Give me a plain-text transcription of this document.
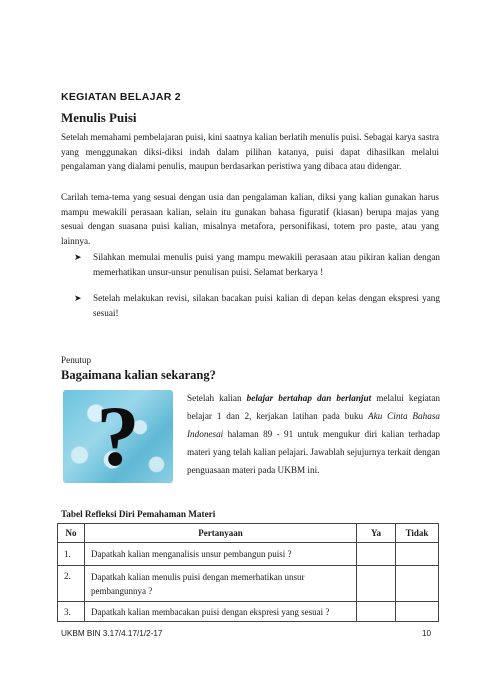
KEGIATAN BELAJAR 2
Menulis Puisi
Setelah memahami pembelajaran puisi, kini saatnya kalian berlatih menulis puisi. Sebagai karya sastra yang menggunakan diksi-diksi indah dalam pilihan katanya, puisi dapat dihasilkan melalui pengalaman yang dialami penulis, maupun berdasarkan peristiwa yang dibaca atau didengar.
Carilah tema-tema yang sesuai dengan usia dan pengalaman kalian, diksi yang kalian gunakan harus mampu mewakili perasaan kalian, selain itu gunakan bahasa figuratif (kiasan) berupa majas yang sesuai dengan suasana puisi kalian, misalnya metafora, personifikasi, totem pro paste, atau yang lainnya.
➤ Silahkan memulai menulis puisi yang mampu mewakili perasaan atau pikiran kalian dengan memerhatikan unsur-unsur penulisan puisi. Selamat berkarya !
➤ Setelah melakukan revisi, silakan bacakan puisi kalian di depan kelas dengan ekspresi yang sesuai!
Penutup
Bagaimana kalian sekarang?
?	Setelah kalian belajar bertahap dan berlanjut melalui kegiatan belajar 1 dan 2, kerjakan latihan pada buku Aku Cinta Bahasa Indonesai halaman 89 - 91 untuk mengukur diri kalian terhadap materi yang telah kalian pelajari. Jawablah sejujurnya terkait dengan penguasaan materi pada UKBM ini.
Tabel Refleksi Diri Pemahaman Materi
No	Pertanyaan	Ya	Tidak
1.	Dapatkah kalian menganalisis unsur pembangun puisi ?		
2.	Dapatkah kalian menulis puisi dengan memerhatikan unsur pembangunnya ?		
3.	Dapatkah kalian membacakan puisi dengan ekspresi yang sesuai ?		
UKBM BIN 3.17/4.17/1/2-17	10
